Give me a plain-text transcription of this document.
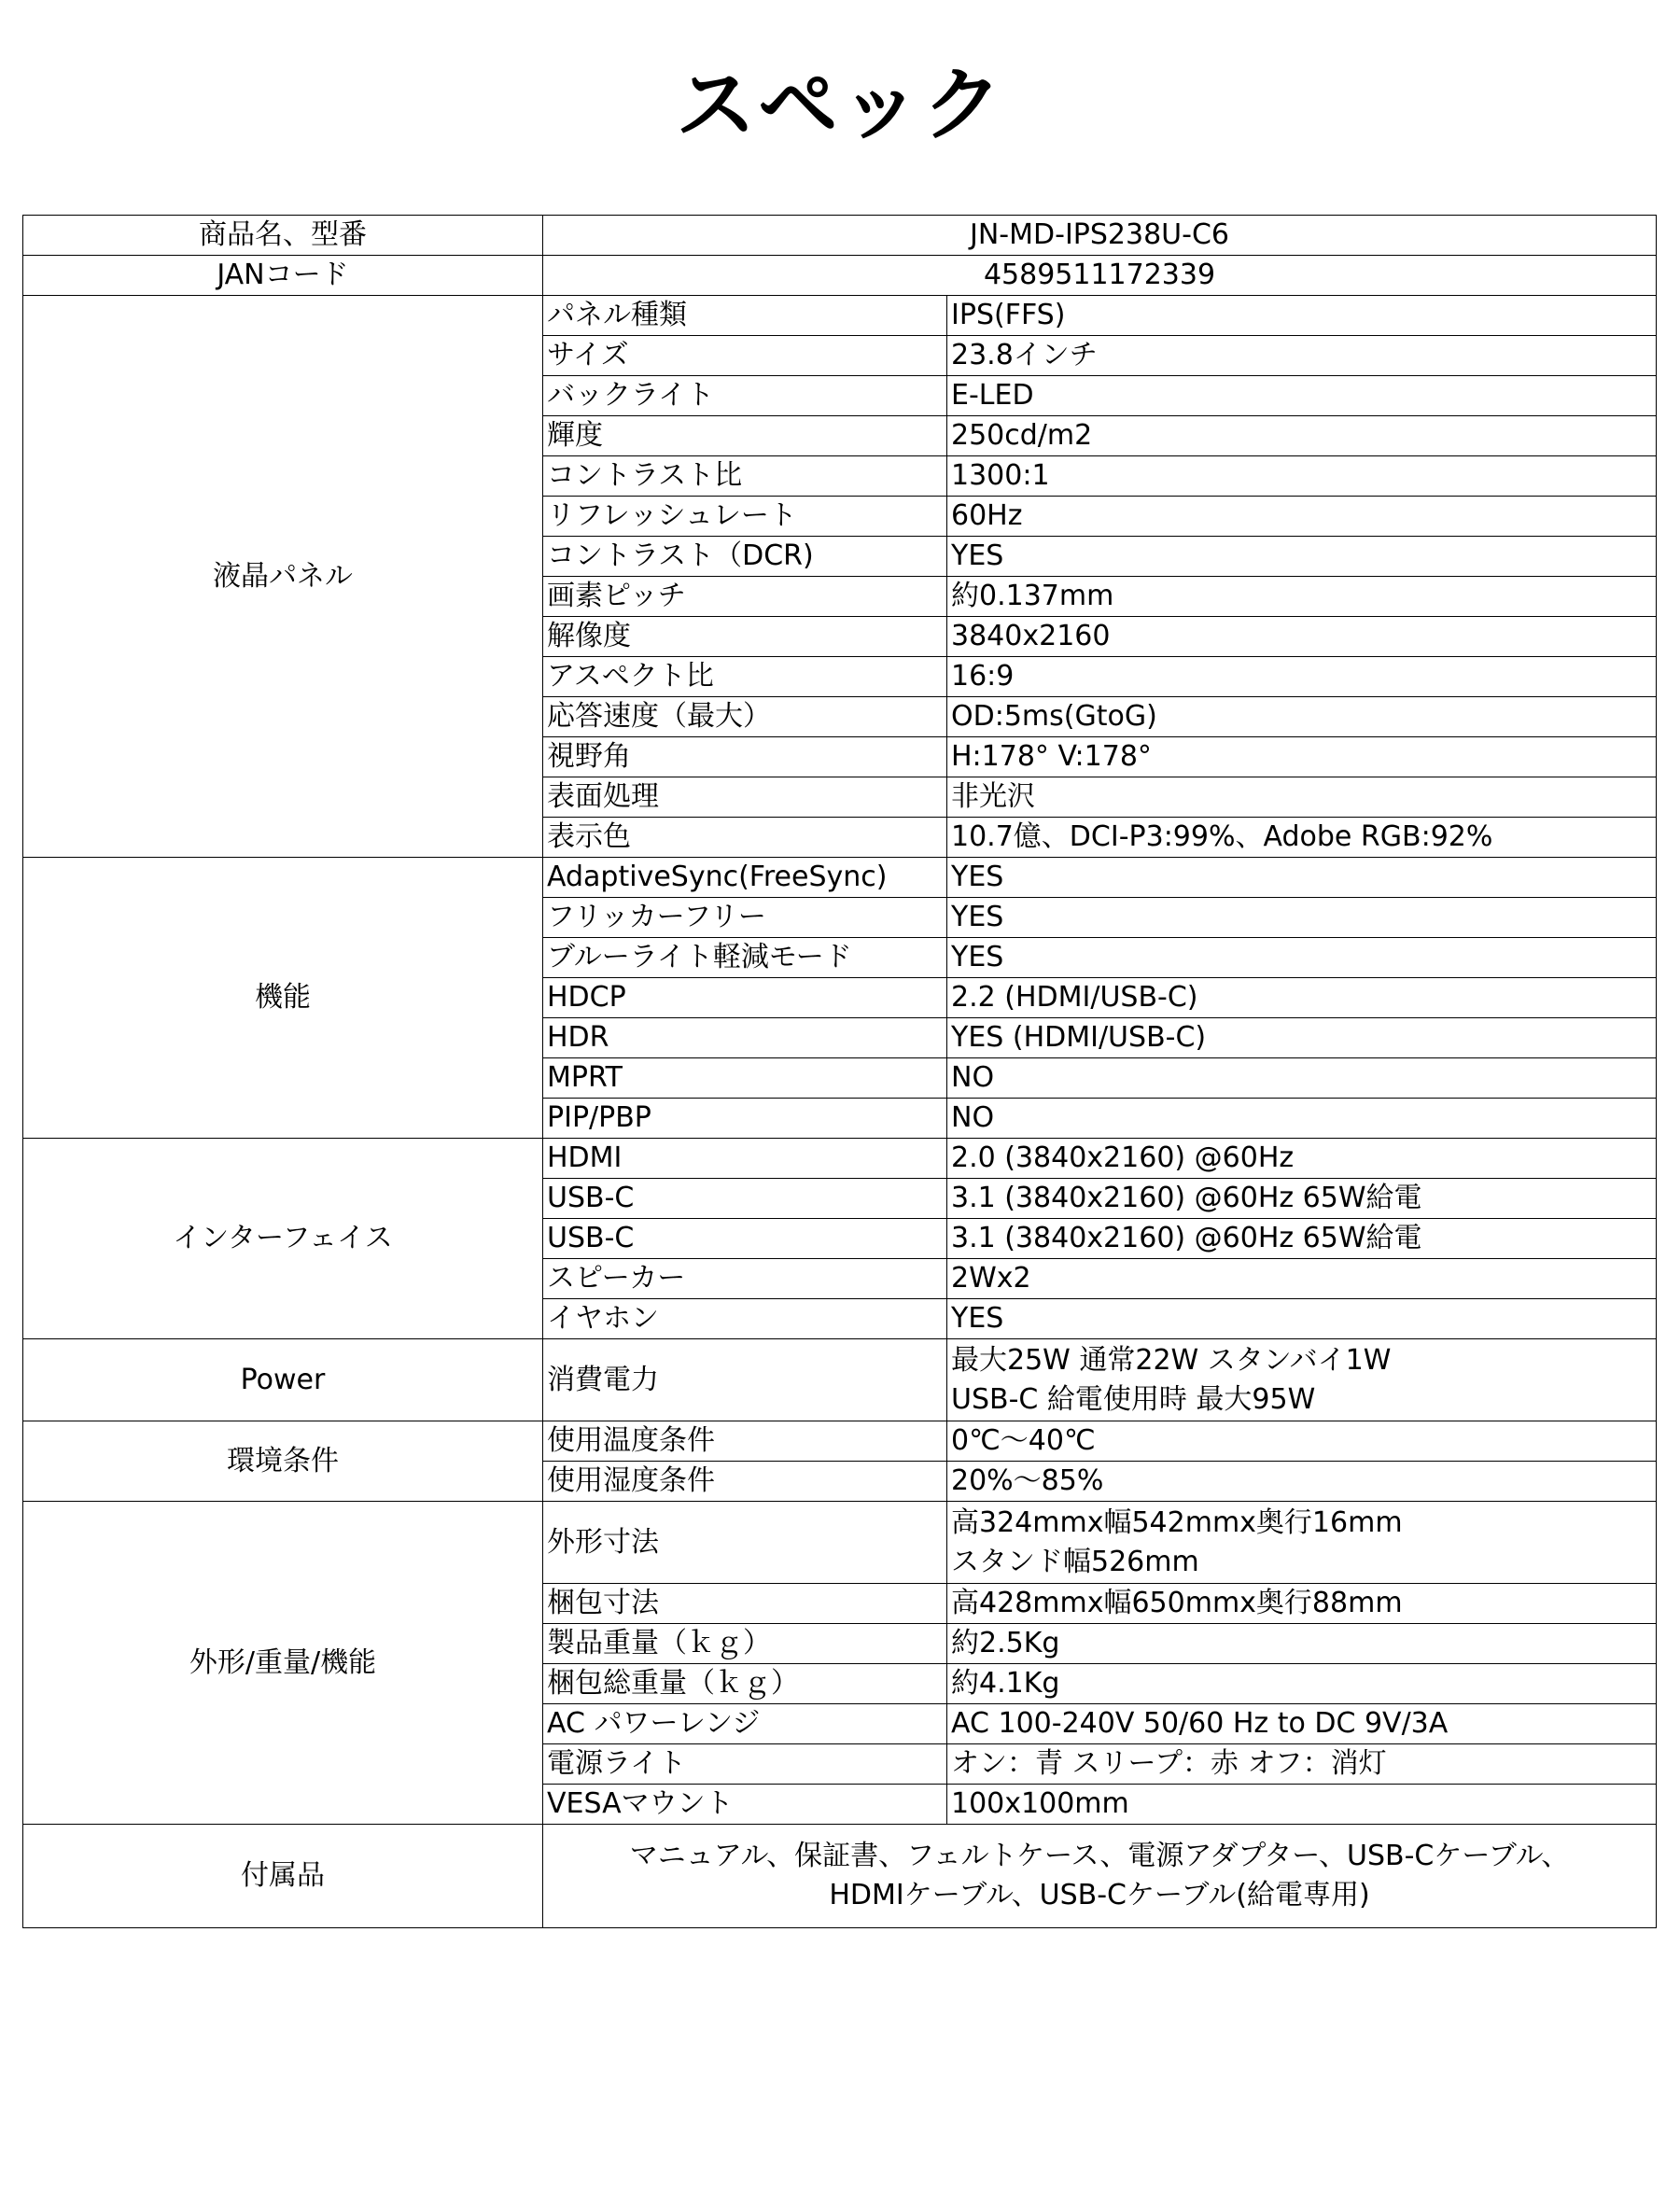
スペック
商品名、型番	JN-MD-IPS238U-C6	
JANコード	4589511172339	
液晶パネル	パネル種類	IPS(FFS)

	サイズ	23.8インチ

	バックライト	E-LED

	輝度	250cd/m2

	コントラスト比	1300:1

	リフレッシュレート	60Hz

	コントラスト（DCR)	YES

	画素ピッチ	約0.137mm

	解像度	3840x2160

	アスペクト比	16:9

	応答速度（最大）	OD:5ms(GtoG)

	視野角	H:178° V:178°

	表面処理	非光沢

	表示色	10.7億、DCI-P3:99%、Adobe RGB:92%

機能	AdaptiveSync(FreeSync)	YES

	フリッカーフリー	YES

	ブルーライト軽減モード	YES

	HDCP	2.2 (HDMI/USB-C)

	HDR	YES (HDMI/USB-C)

	MPRT	NO

	PIP/PBP	NO

インターフェイス	HDMI	2.0 (3840x2160) @60Hz

	USB-C	3.1 (3840x2160) @60Hz 65W給電

	USB-C	3.1 (3840x2160) @60Hz 65W給電

	スピーカー	2Wx2

	イヤホン	YES

Power	消費電力	最大25W 通常22W スタンバイ1W
USB-C 給電使用時 最大95W

環境条件	使用温度条件	0℃～40℃

	使用湿度条件	20%～85%

外形/重量/機能	外形寸法	高324mmx幅542mmx奥行16mm
スタンド幅526mm

	梱包寸法	高428mmx幅650mmx奥行88mm

	製品重量（ｋｇ）	約2.5Kg

	梱包総重量（ｋｇ）	約4.1Kg

	AC パワーレンジ	AC 100-240V 50/60 Hz to DC 9V/3A

	電源ライト	オン：青 スリープ：赤 オフ：消灯

	VESAマウント	100x100mm

付属品	マニュアル、保証書、フェルトケース、電源アダプター、USB-Cケーブル、
HDMIケーブル、USB-Cケーブル(給電専用)	
